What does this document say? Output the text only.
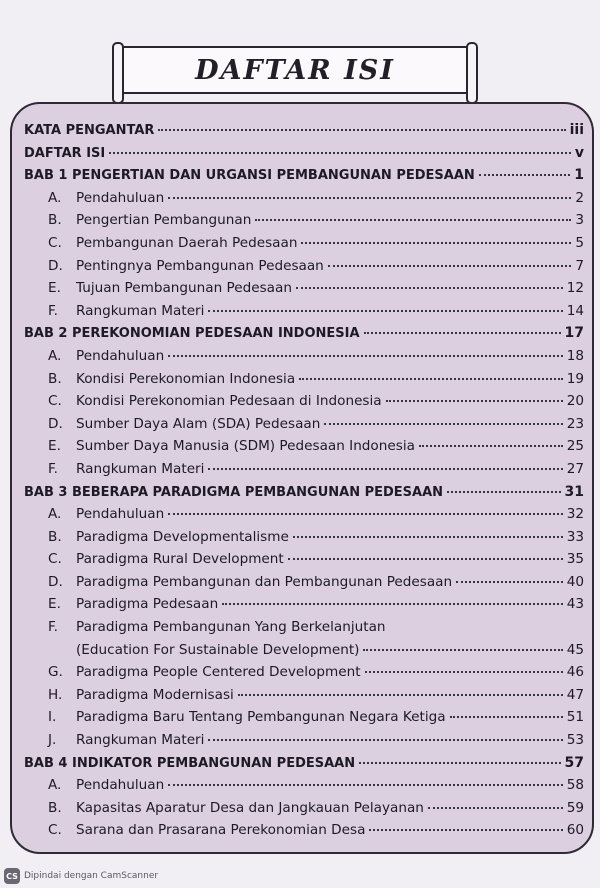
DAFTAR ISI
KATA PENGANTAR	iii
DAFTAR ISI	v
BAB 1 PENGERTIAN DAN URGANSI PEMBANGUNAN PEDESAAN	1
A.	Pendahuluan	2
B.	Pengertian Pembangunan	3
C.	Pembangunan Daerah Pedesaan	5
D. Pentingnya Pembangunan Pedesaan	7
E.	Tujuan Pembangunan Pedesaan	12
F.	Rangkuman Materi	14
BAB 2 PEREKONOMIAN PEDESAAN INDONESIA	17
A.	Pendahuluan	18
B.	Kondisi Perekonomian Indonesia	19
C.	Kondisi Perekonomian Pedesaan di Indonesia	20
D. Sumber Daya Alam (SDA) Pedesaan	23
E.	Sumber Daya Manusia (SDM) Pedesaan Indonesia	25
F.	Rangkuman Materi	27
BAB 3 BEBERAPA PARADIGMA PEMBANGUNAN PEDESAAN	31
A.	Pendahuluan	32
B.	Paradigma Developmentalisme	33
C.	Paradigma Rural Development	35
D. Paradigma Pembangunan dan Pembangunan Pedesaan	40
E.	Paradigma Pedesaan	43
F.	Paradigma Pembangunan Yang Berkelanjutan
(Education For Sustainable Development)	45
G. Paradigma People Centered Development	46
H.	Paradigma Modernisasi	47
I.	Paradigma Baru Tentang Pembangunan Negara Ketiga	51
J.	Rangkuman Materi	53
BAB 4 INDIKATOR PEMBANGUNAN PEDESAAN	57
A.	Pendahuluan	58
B.	Kapasitas Aparatur Desa dan Jangkauan Pelayanan	59
C.	Sarana dan Prasarana Perekonomian Desa	60
CS Dipindai dengan CamScanner
